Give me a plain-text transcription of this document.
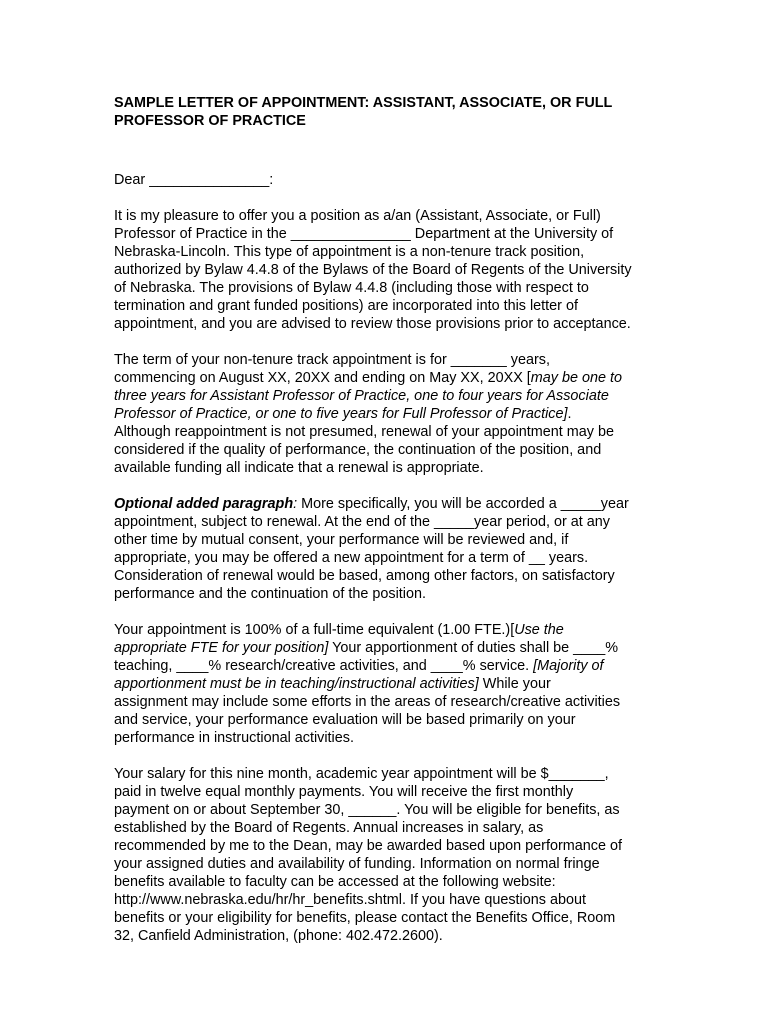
SAMPLE LETTER OF APPOINTMENT: ASSISTANT, ASSOCIATE, OR FULL
PROFESSOR OF PRACTICE
Dear _______________:
It is my pleasure to offer you a position as a/an (Assistant, Associate, or Full)
Professor of Practice in the _______________ Department at the University of
Nebraska-Lincoln. This type of appointment is a non-tenure track position,
authorized by Bylaw 4.4.8 of the Bylaws of the Board of Regents of the University
of Nebraska. The provisions of Bylaw 4.4.8 (including those with respect to
termination and grant funded positions) are incorporated into this letter of
appointment, and you are advised to review those provisions prior to acceptance.
The term of your non-tenure track appointment is for _______ years,
commencing on August XX, 20XX and ending on May XX, 20XX [may be one to
three years for Assistant Professor of Practice, one to four years for Associate
Professor of Practice, or one to five years for Full Professor of Practice].
Although reappointment is not presumed, renewal of your appointment may be
considered if the quality of performance, the continuation of the position, and
available funding all indicate that a renewal is appropriate.
Optional added paragraph: More specifically, you will be accorded a _____year
appointment, subject to renewal. At the end of the _____year period, or at any
other time by mutual consent, your performance will be reviewed and, if
appropriate, you may be offered a new appointment for a term of __ years.
Consideration of renewal would be based, among other factors, on satisfactory
performance and the continuation of the position.
Your appointment is 100% of a full-time equivalent (1.00 FTE.)[Use the
appropriate FTE for your position] Your apportionment of duties shall be ____%
teaching, ____% research/creative activities, and ____% service. [Majority of
apportionment must be in teaching/instructional activities] While your
assignment may include some efforts in the areas of research/creative activities
and service, your performance evaluation will be based primarily on your
performance in instructional activities.
Your salary for this nine month, academic year appointment will be $_______,
paid in twelve equal monthly payments. You will receive the first monthly
payment on or about September 30, ______. You will be eligible for benefits, as
established by the Board of Regents. Annual increases in salary, as
recommended by me to the Dean, may be awarded based upon performance of
your assigned duties and availability of funding. Information on normal fringe
benefits available to faculty can be accessed at the following website:
http://www.nebraska.edu/hr/hr_benefits.shtml. If you have questions about
benefits or your eligibility for benefits, please contact the Benefits Office, Room
32, Canfield Administration, (phone: 402.472.2600).
